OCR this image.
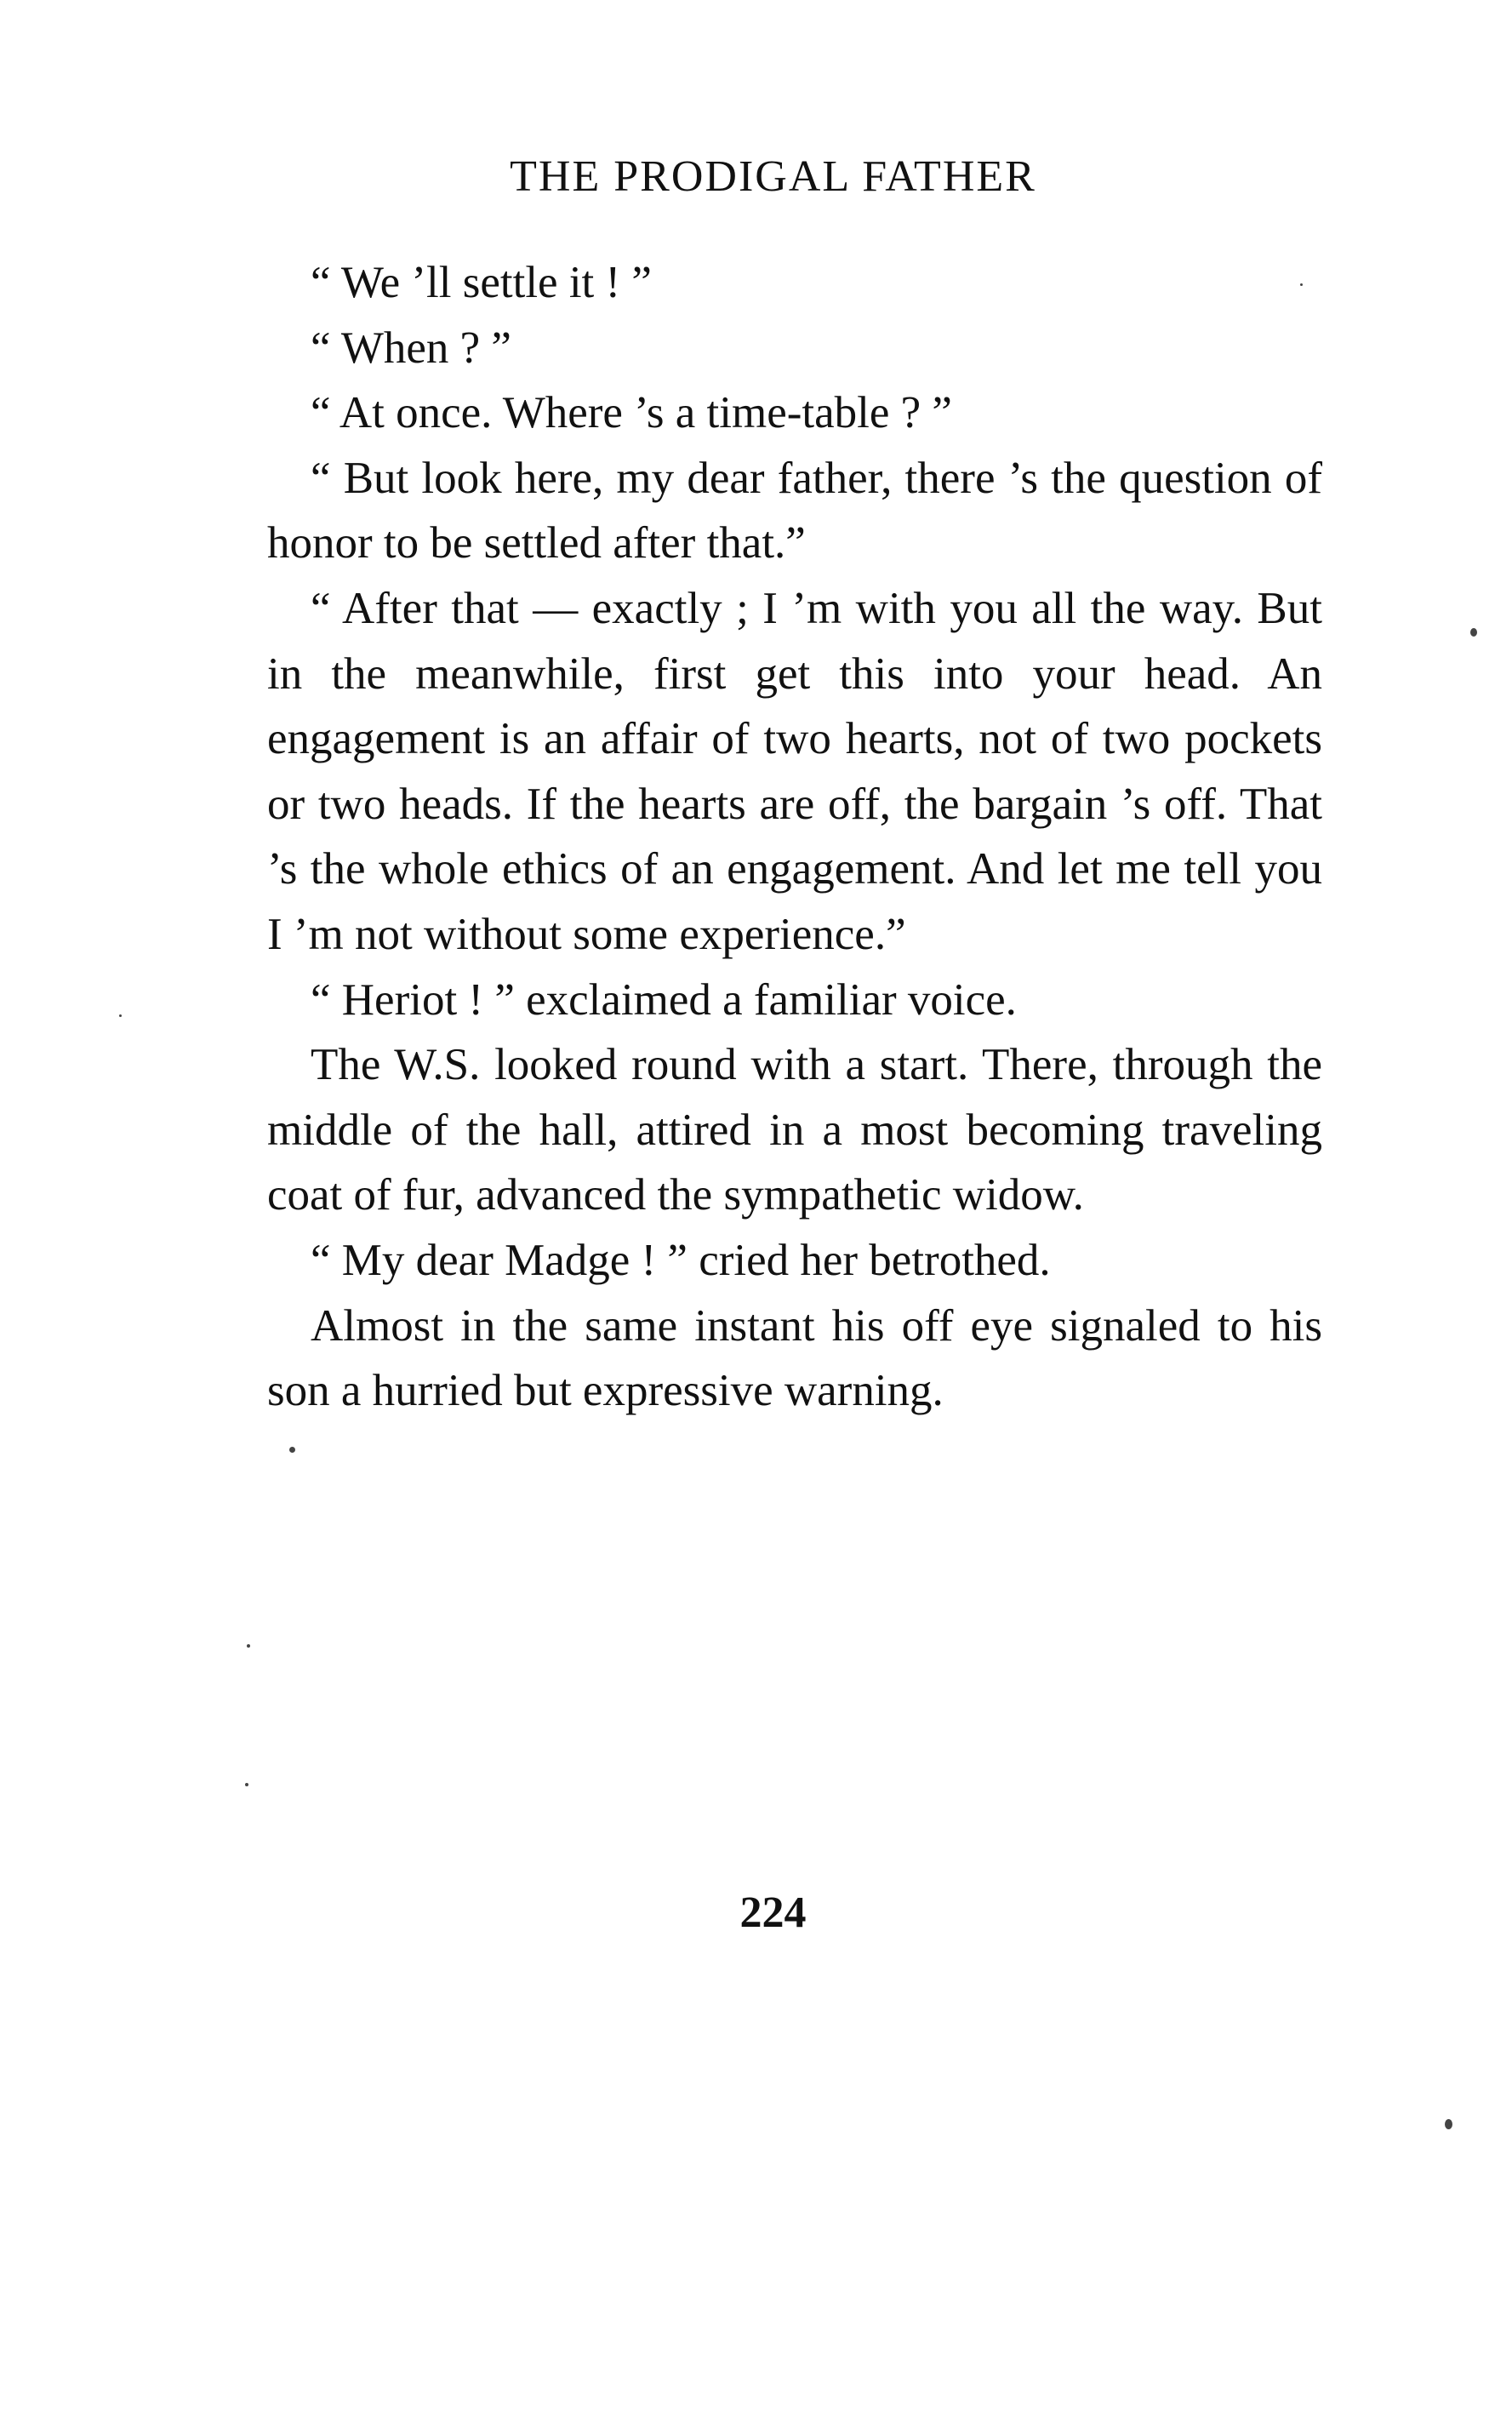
THE PRODIGAL FATHER

“ We ’ll settle it ! ”

“ When ? ”

“ At once. Where ’s a time-table ? ”

“ But look here, my dear father, there ’s the question of honor to be settled after that.”

“ After that — exactly ; I ’m with you all the way. But in the meanwhile, first get this into your head. An engagement is an affair of two hearts, not of two pockets or two heads. If the hearts are off, the bargain ’s off. That ’s the whole ethics of an engagement. And let me tell you I ’m not without some experience.”

“ Heriot ! ” exclaimed a familiar voice.

The W.S. looked round with a start. There, through the middle of the hall, attired in a most becoming traveling coat of fur, advanced the sympathetic widow.

“ My dear Madge ! ” cried her betrothed.

Almost in the same instant his off eye signaled to his son a hurried but expressive warning.

224
